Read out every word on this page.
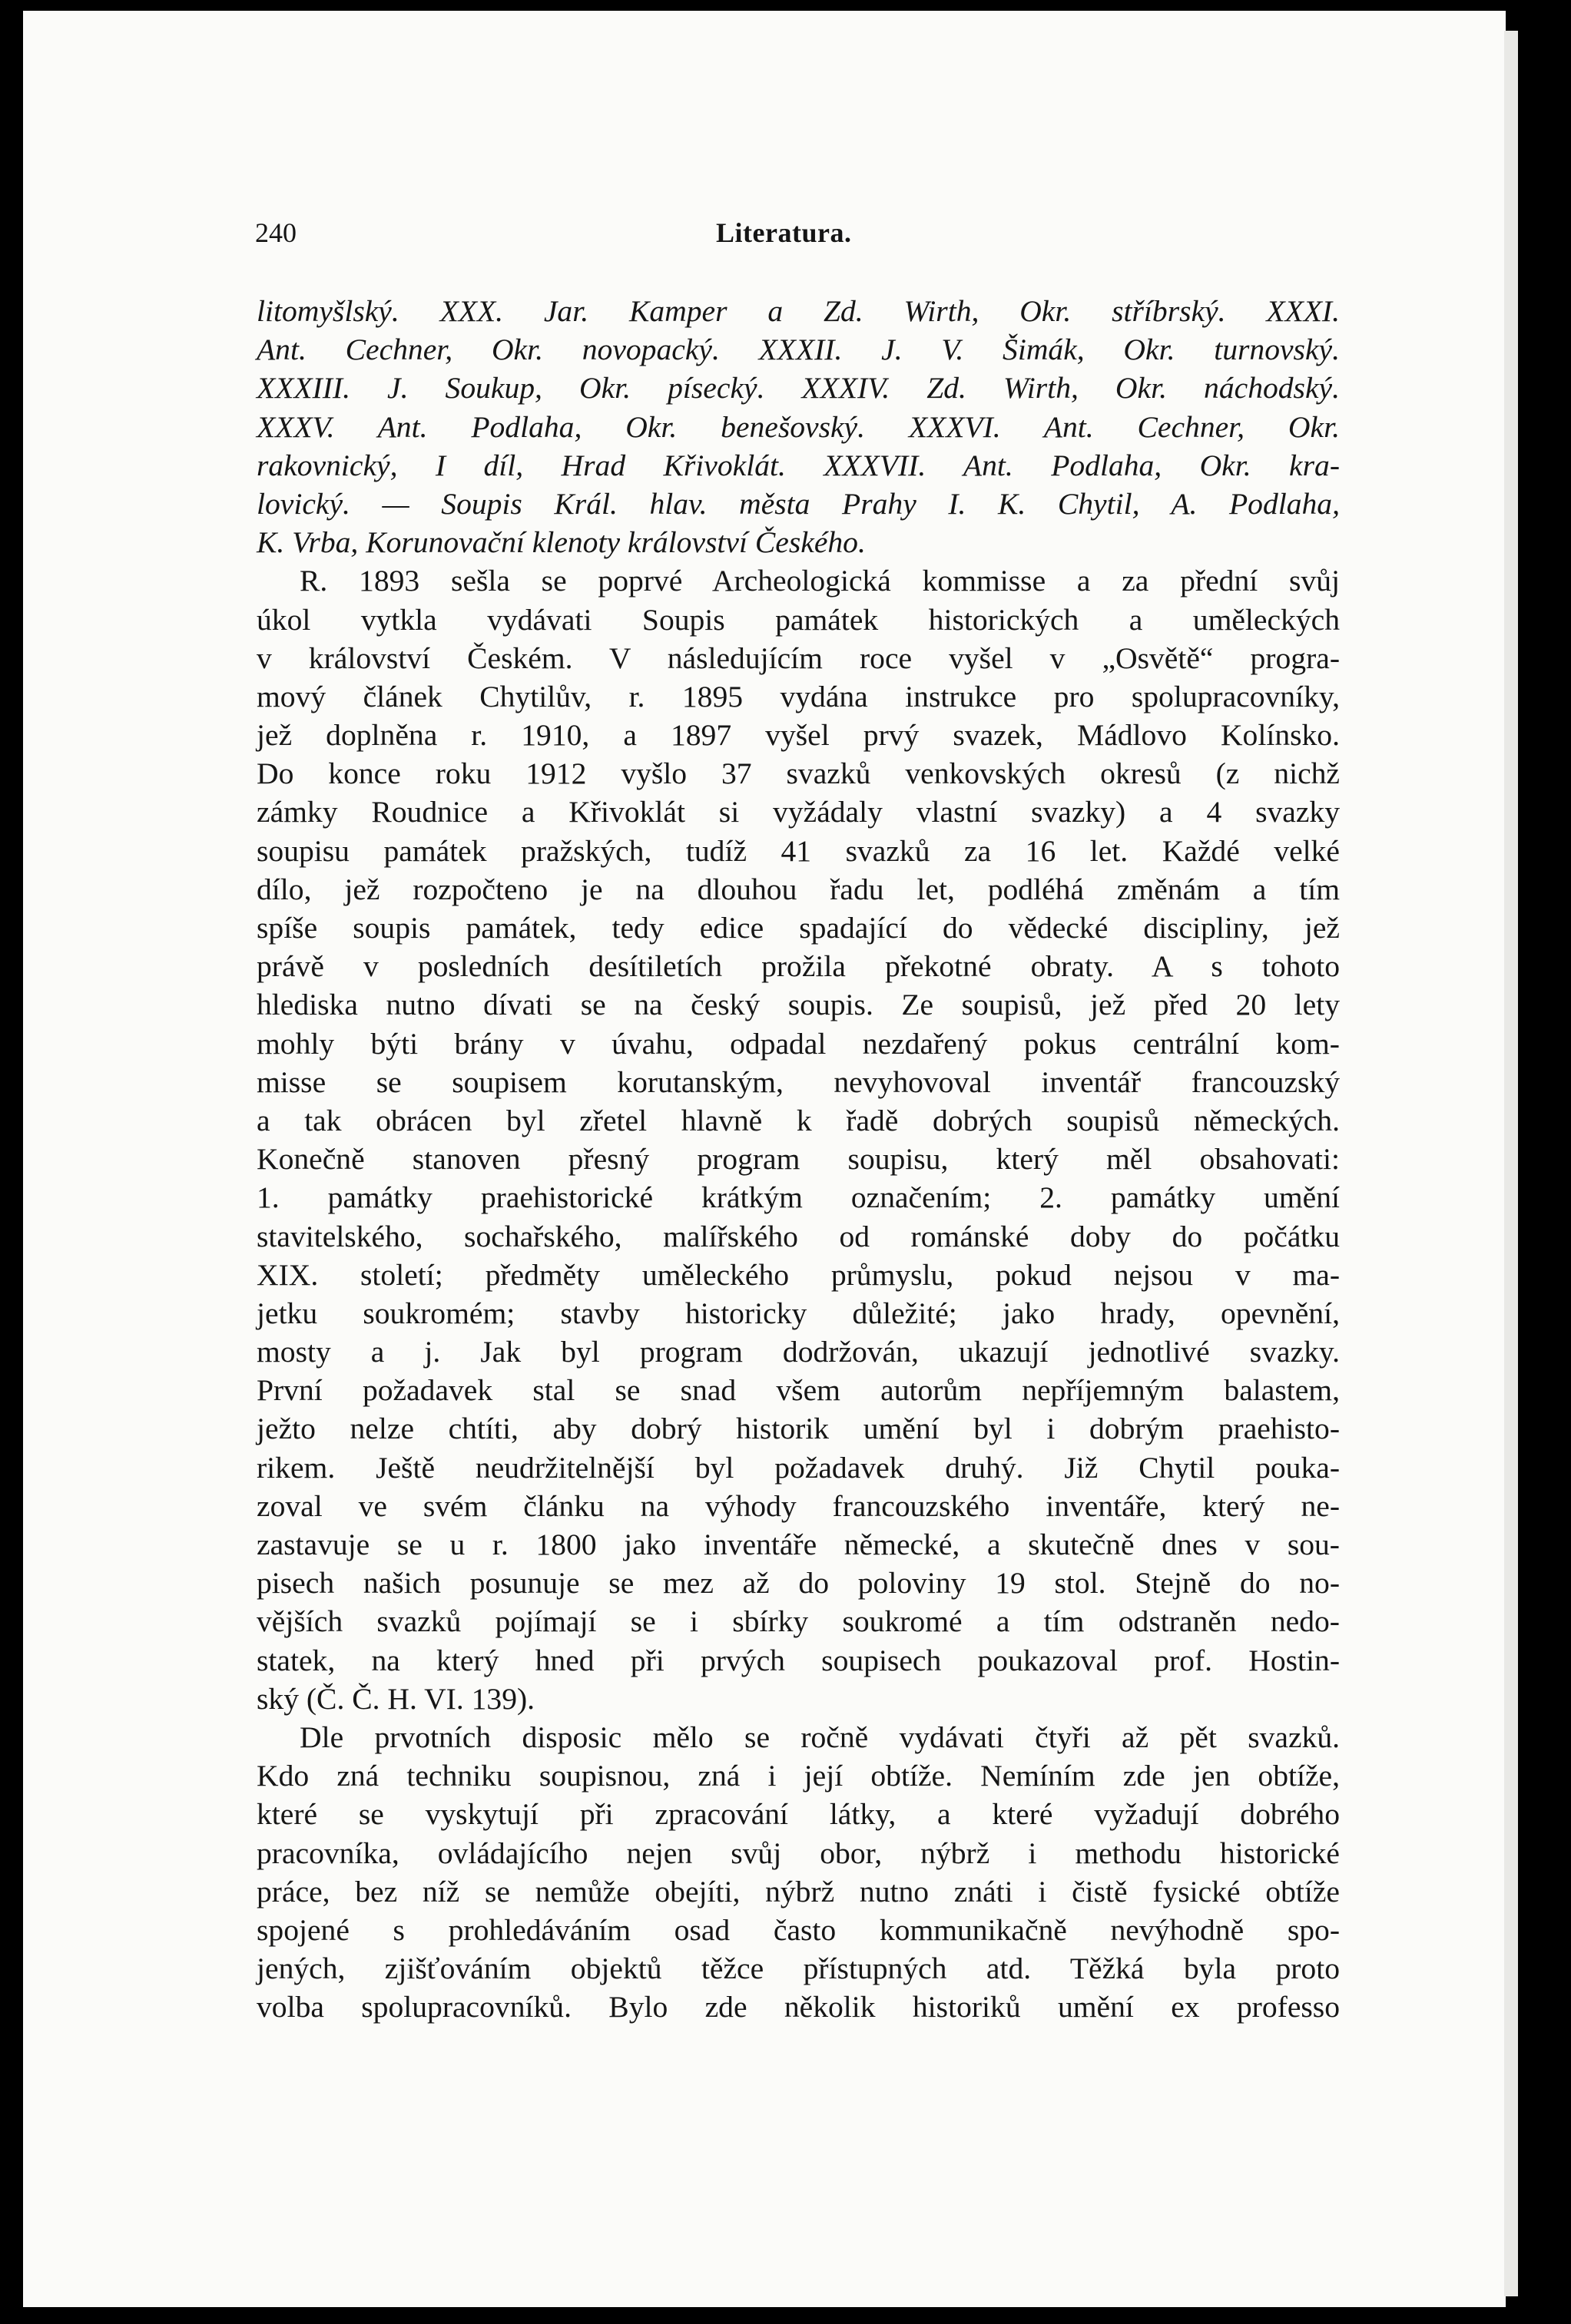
240	Literatura.
litomyšlský. XXX. Jar. Kamper a Zd. Wirth, Okr. stříbrský. XXXI.
Ant. Cechner, Okr. novopacký. XXXII. J. V. Šimák, Okr. turnovský.
XXXIII. J. Soukup, Okr. písecký. XXXIV. Zd. Wirth, Okr. náchodský.
XXXV. Ant. Podlaha, Okr. benešovský. XXXVI. Ant. Cechner, Okr.
rakovnický, I díl, Hrad Křivoklát. XXXVII. Ant. Podlaha, Okr. kra-
lovický. — Soupis Král. hlav. města Prahy I. K. Chytil, A. Podlaha,
K. Vrba, Korunovační klenoty království Českého.
R. 1893 sešla se poprvé Archeologická kommisse a za přední svůj
úkol vytkla vydávati Soupis památek historických a uměleckých
v království Českém. V následujícím roce vyšel v „Osvětě“ progra-
mový článek Chytilův, r. 1895 vydána instrukce pro spolupracovníky,
jež doplněna r. 1910, a 1897 vyšel prvý svazek, Mádlovo Kolínsko.
Do konce roku 1912 vyšlo 37 svazků venkovských okresů (z nichž
zámky Roudnice a Křivoklát si vyžádaly vlastní svazky) a 4 svazky
soupisu památek pražských, tudíž 41 svazků za 16 let. Každé velké
dílo, jež rozpočteno je na dlouhou řadu let, podléhá změnám a tím
spíše soupis památek, tedy edice spadající do vědecké discipliny, jež
právě v posledních desítiletích prožila překotné obraty. A s tohoto
hlediska nutno dívati se na český soupis. Ze soupisů, jež před 20 lety
mohly býti brány v úvahu, odpadal nezdařený pokus centrální kom-
misse se soupisem korutanským, nevyhovoval inventář francouzský
a tak obrácen byl zřetel hlavně k řadě dobrých soupisů německých.
Konečně stanoven přesný program soupisu, který měl obsahovati:
1. památky praehistorické krátkým označením; 2. památky umění
stavitelského, sochařského, malířského od románské doby do počátku
XIX. století; předměty uměleckého průmyslu, pokud nejsou v ma-
jetku soukromém; stavby historicky důležité; jako hrady, opevnění,
mosty a j. Jak byl program dodržován, ukazují jednotlivé svazky.
První požadavek stal se snad všem autorům nepříjemným balastem,
ježto nelze chtíti, aby dobrý historik umění byl i dobrým praehisto-
rikem. Ještě neudržitelnější byl požadavek druhý. Již Chytil pouka-
zoval ve svém článku na výhody francouzského inventáře, který ne-
zastavuje se u r. 1800 jako inventáře německé, a skutečně dnes v sou-
pisech našich posunuje se mez až do poloviny 19 stol. Stejně do no-
vějších svazků pojímají se i sbírky soukromé a tím odstraněn nedo-
statek, na který hned při prvých soupisech poukazoval prof. Hostin-
ský (Č. Č. H. VI. 139).
Dle prvotních disposic mělo se ročně vydávati čtyři až pět svazků.
Kdo zná techniku soupisnou, zná i její obtíže. Nemíním zde jen obtíže,
které se vyskytují při zpracování látky, a které vyžadují dobrého
pracovníka, ovládajícího nejen svůj obor, nýbrž i methodu historické
práce, bez níž se nemůže obejíti, nýbrž nutno znáti i čistě fysické obtíže
spojené s prohledáváním osad často kommunikačně nevýhodně spo-
jených, zjišťováním objektů těžce přístupných atd. Těžká byla proto
volba spolupracovníků. Bylo zde několik historiků umění ex professo
